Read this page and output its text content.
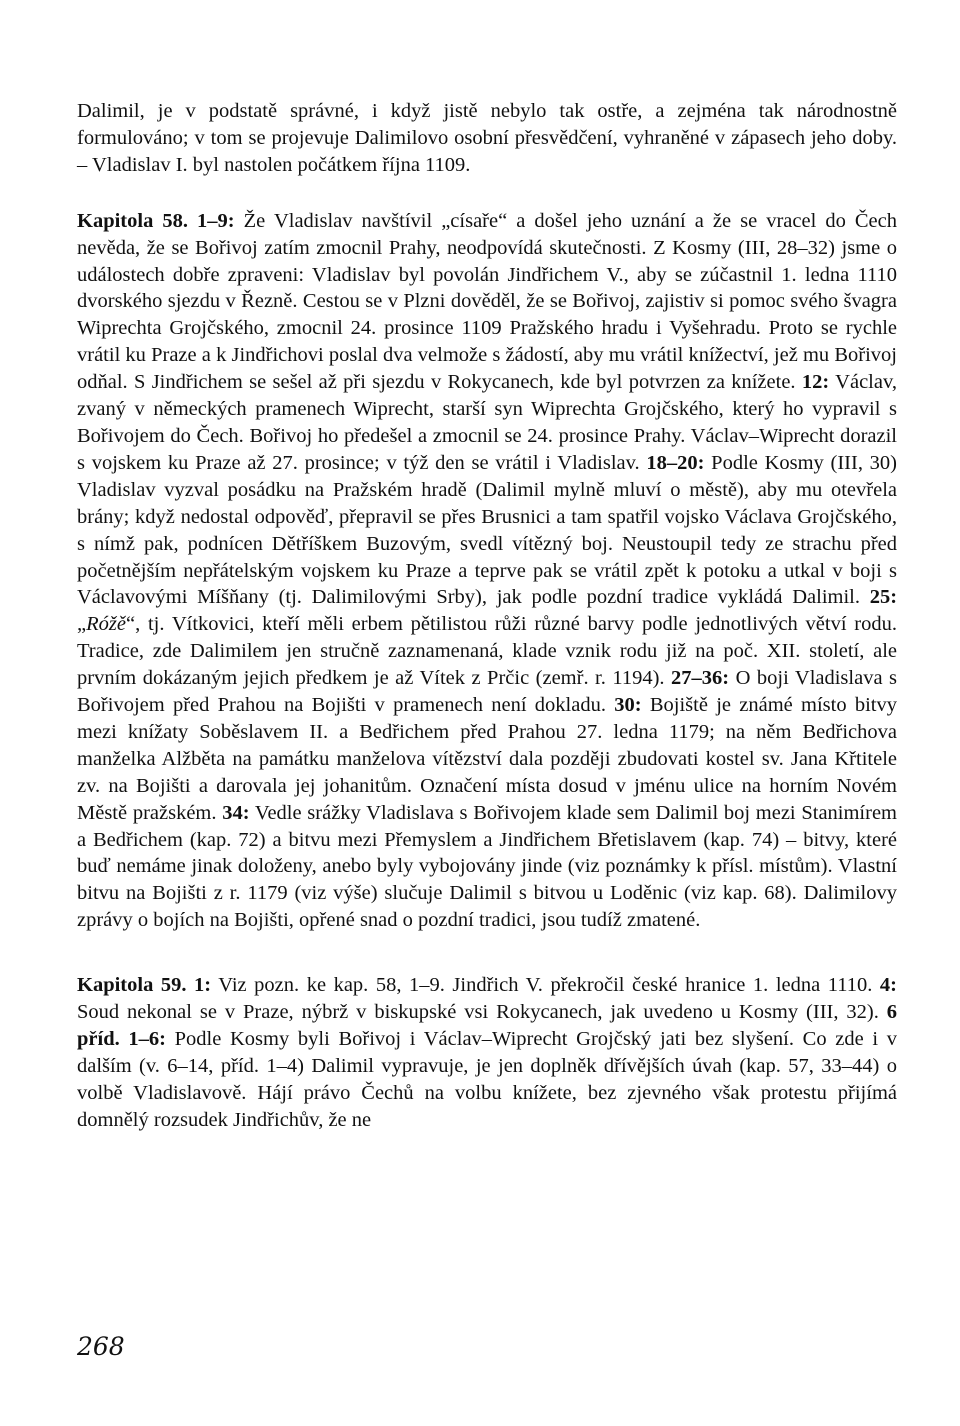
Dalimil, je v podstatě správné, i když jistě nebylo tak ostře, a zejména tak národnostně formulováno; v tom se projevuje Dalimilovo osobní přesvědčení, vyhraněné v zápasech jeho doby. – Vladislav I. byl nastolen počátkem října 1109.

Kapitola 58. 1–9: Že Vladislav navštívil „císaře“ a došel jeho uznání a že se vracel do Čech nevěda, že se Bořivoj zatím zmocnil Prahy, neodpovídá skutečnosti. Z Kosmy (III, 28–32) jsme o událostech dobře zpraveni: Vladislav byl povolán Jindřichem V., aby se zúčastnil 1. ledna 1110 dvorského sjezdu v Řezně. Cestou se v Plzni dověděl, že se Bořivoj, zajistiv si pomoc svého švagra Wiprechta Grojčského, zmocnil 24. prosince 1109 Pražského hradu i Vyšehradu. Proto se rychle vrátil ku Praze a k Jindřichovi poslal dva velmože s žádostí, aby mu vrátil knížectví, jež mu Bořivoj odňal. S Jindřichem se sešel až při sjezdu v Rokycanech, kde byl potvrzen za knížete. 12: Václav, zvaný v německých pramenech Wiprecht, starší syn Wiprechta Grojčského, který ho vypravil s Bořivojem do Čech. Bořivoj ho předešel a zmocnil se 24. prosince Prahy. Václav–Wiprecht dorazil s vojskem ku Praze až 27. prosince; v týž den se vrátil i Vladislav. 18–20: Podle Kosmy (III, 30) Vladislav vyzval posádku na Pražském hradě (Dalimil mylně mluví o městě), aby mu otevřela brány; když nedostal odpověď, přepravil se přes Brusnici a tam spatřil vojsko Václava Grojčského, s nímž pak, podnícen Dětříškem Buzovým, svedl vítězný boj. Neustoupil tedy ze strachu před početnějším nepřátelským vojskem ku Praze a teprve pak se vrátil zpět k potoku a utkal v boji s Václavovými Míšňany (tj. Dalimilovými Srby), jak podle pozdní tradice vykládá Dalimil. 25: „Róžě“, tj. Vítkovici, kteří měli erbem pětilistou růži různé barvy podle jednotlivých větví rodu. Tradice, zde Dalimilem jen stručně zaznamenaná, klade vznik rodu již na poč. XII. století, ale prvním dokázaným jejich předkem je až Vítek z Prčic (zemř. r. 1194). 27–36: O boji Vladislava s Bořivojem před Prahou na Bojišti v pramenech není dokladu. 30: Bojiště je známé místo bitvy mezi knížaty Soběslavem II. a Bedřichem před Prahou 27. ledna 1179; na něm Bedřichova manželka Alžběta na památku manželova vítězství dala později zbudovati kostel sv. Jana Křtitele zv. na Bojišti a darovala jej johanitům. Označení místa dosud v jménu ulice na horním Novém Městě pražském. 34: Vedle srážky Vladislava s Bořivojem klade sem Dalimil boj mezi Stanimírem a Bedřichem (kap. 72) a bitvu mezi Přemyslem a Jindřichem Břetislavem (kap. 74) – bitvy, které buď nemáme jinak doloženy, anebo byly vybojovány jinde (viz poznámky k přísl. místům). Vlastní bitvu na Bojišti z r. 1179 (viz výše) slučuje Dalimil s bitvou u Loděnic (viz kap. 68). Dalimilovy zprávy o bojích na Bojišti, opřené snad o pozdní tradici, jsou tudíž zmatené.

Kapitola 59. 1: Viz pozn. ke kap. 58, 1–9. Jindřich V. překročil české hranice 1. ledna 1110. 4: Soud nekonal se v Praze, nýbrž v biskupské vsi Rokycanech, jak uvedeno u Kosmy (III, 32). 6 příd. 1–6: Podle Kosmy byli Bořivoj i Václav–Wiprecht Grojčský jati bez slyšení. Co zde i v dalším (v. 6–14, příd. 1–4) Dalimil vypravuje, je jen doplněk dřívějších úvah (kap. 57, 33–44) o volbě Vladislavově. Hájí právo Čechů na volbu knížete, bez zjevného však protestu přijímá domnělý rozsudek Jindřichův, že ne

268
